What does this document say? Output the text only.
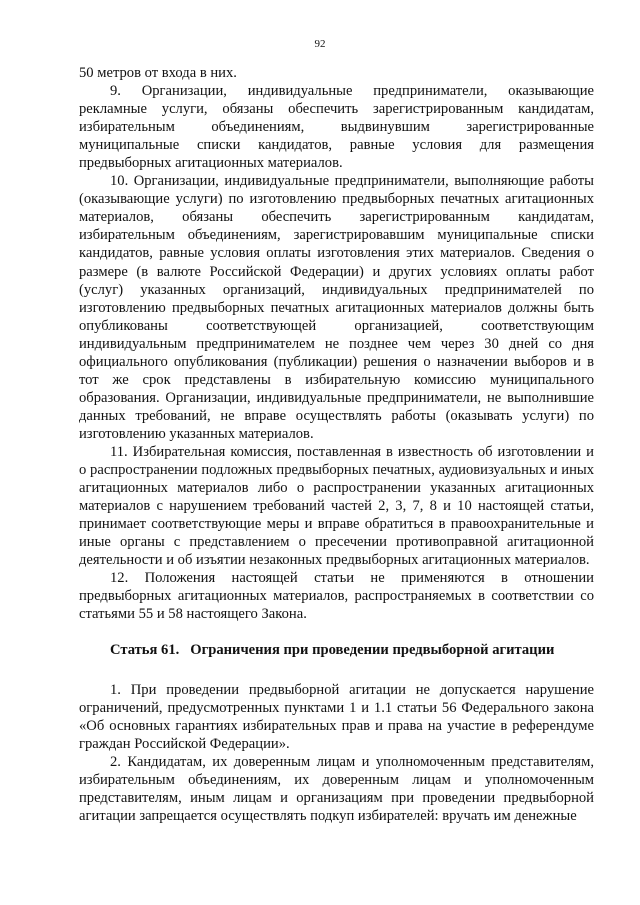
92

50 метров от входа в них.

9. Организации, индивидуальные предприниматели, оказывающие рекламные услуги, обязаны обеспечить зарегистрированным кандидатам, избирательным объединениям, выдвинувшим зарегистрированные муниципальные списки кандидатов, равные условия для размещения предвыборных агитационных материалов.

10. Организации, индивидуальные предприниматели, выполняющие работы (оказывающие услуги) по изготовлению предвыборных печатных агитационных материалов, обязаны обеспечить зарегистрированным кандидатам, избирательным объединениям, зарегистрировавшим муниципальные списки кандидатов, равные условия оплаты изготовления этих материалов. Сведения о размере (в валюте Российской Федерации) и других условиях оплаты работ (услуг) указанных организаций, индивидуальных предпринимателей по изготовлению предвыборных печатных агитационных материалов должны быть опубликованы соответствующей организацией, соответствующим индивидуальным предпринимателем не позднее чем через 30 дней со дня официального опубликования (публикации) решения о назначении выборов и в тот же срок представлены в избирательную комиссию муниципального образования. Организации, индивидуальные предприниматели, не выполнившие данных требований, не вправе осуществлять работы (оказывать услуги) по изготовлению указанных материалов.

11. Избирательная комиссия, поставленная в известность об изготовлении и о распространении подложных предвыборных печатных, аудиовизуальных и иных агитационных материалов либо о распространении указанных агитационных материалов с нарушением требований частей 2, 3, 7, 8 и 10 настоящей статьи, принимает соответствующие меры и вправе обратиться в правоохранительные и иные органы с представлением о пресечении противоправной агитационной деятельности и об изъятии незаконных предвыборных агитационных материалов.

12. Положения настоящей статьи не применяются в отношении предвыборных агитационных материалов, распространяемых в соответствии со статьями 55 и 58 настоящего Закона.

Статья 61.   Ограничения при проведении предвыборной агитации

1. При проведении предвыборной агитации не допускается нарушение ограничений, предусмотренных пунктами 1 и 1.1 статьи 56 Федерального закона «Об основных гарантиях избирательных прав и права на участие в референдуме граждан Российской Федерации».

2. Кандидатам, их доверенным лицам и уполномоченным представителям, избирательным объединениям, их доверенным лицам и уполномоченным представителям, иным лицам и организациям при проведении предвыборной агитации запрещается осуществлять подкуп избирателей: вручать им денежные
